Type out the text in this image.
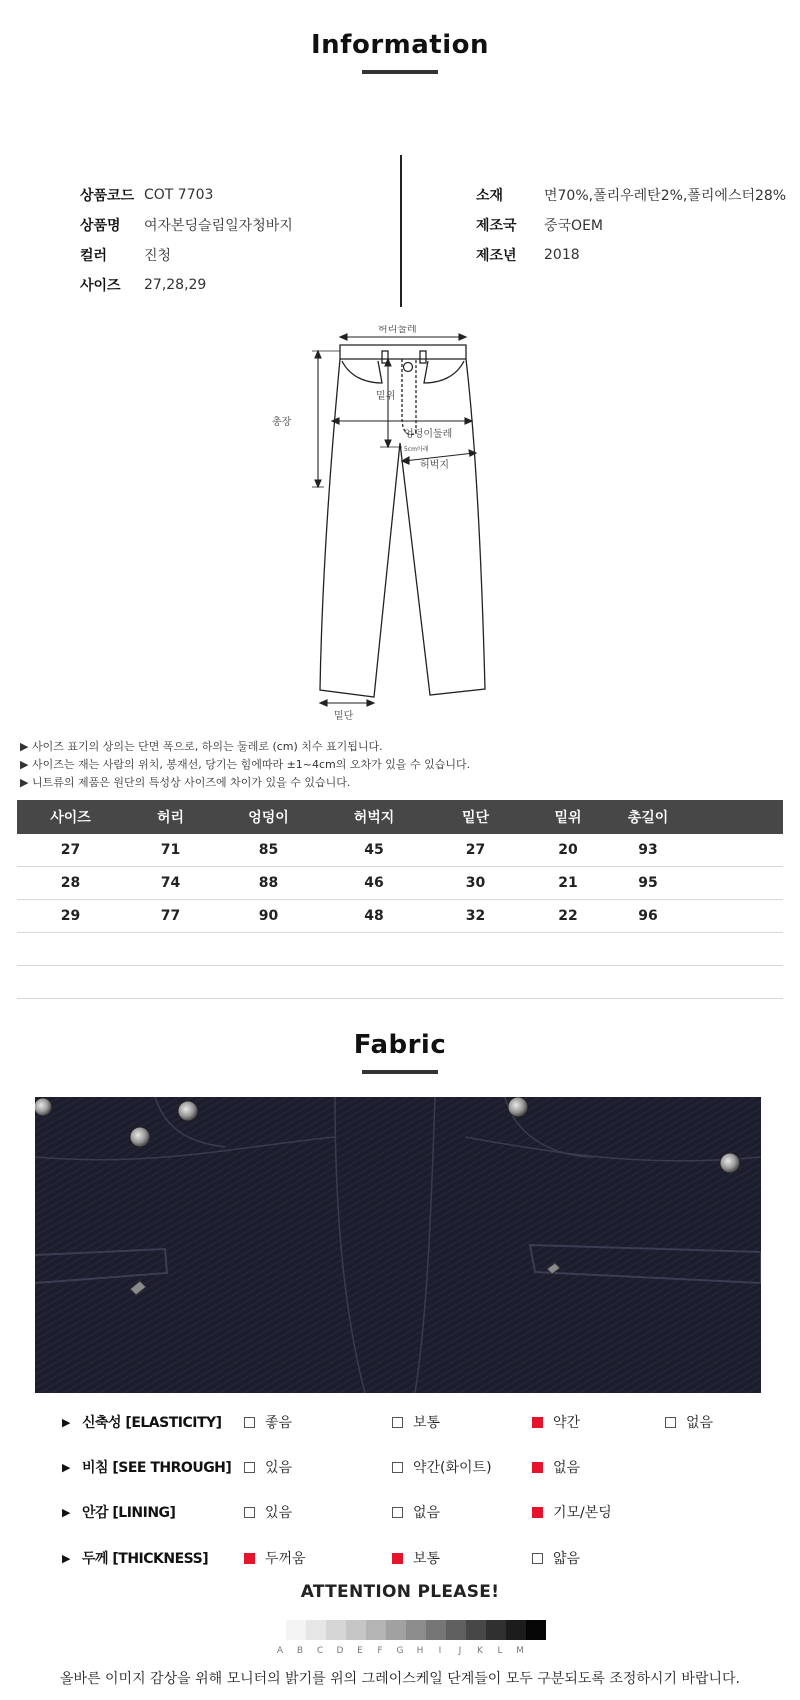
Information
상품코드 COT 7703
상품명	여자본딩슬림일자청바지
컬러	진청
사이즈	27,28,29
소재	면70%,폴리우레탄2%,폴리에스터28%
제조국	중국OEM
제조년	2018
허리둘레
총장
밑위
엉덩이둘레
5cm아래
허벅지
밑단
▶ 사이즈 표기의 상의는 단면 폭으로, 하의는 둘레로 (cm) 치수 표기됩니다.
▶ 사이즈는 재는 사람의 위치, 봉재선, 당기는 힘에따라 ±1~4cm의 오차가 있을 수 있습니다.
▶ 니트류의 제품은 원단의 특성상 사이즈에 차이가 있을 수 있습니다.
사이즈	허리	엉덩이	허벅지	밑단	밑위	총길이	
27	71	85	45	27	20	93	
28	74	88	46	30	21	95	
29	77	90	48	32	22	96	

Fabric
▶ 신축성 [ELASTICITY]	좋음	보통	약간	없음
▶ 비침 [SEE THROUGH] 있음	약간(화이트)	없음
▶ 안감 [LINING]	있음	없음	기모/본딩
▶ 두께 [THICKNESS]	두꺼움	보통	얇음
ATTENTION PLEASE!
A	B	C	D	E	F	G	H	I	J	K	L	M
올바른 이미지 감상을 위해 모니터의 밝기를 위의 그레이스케일 단계들이 모두 구분되도록 조정하시기 바랍니다.
